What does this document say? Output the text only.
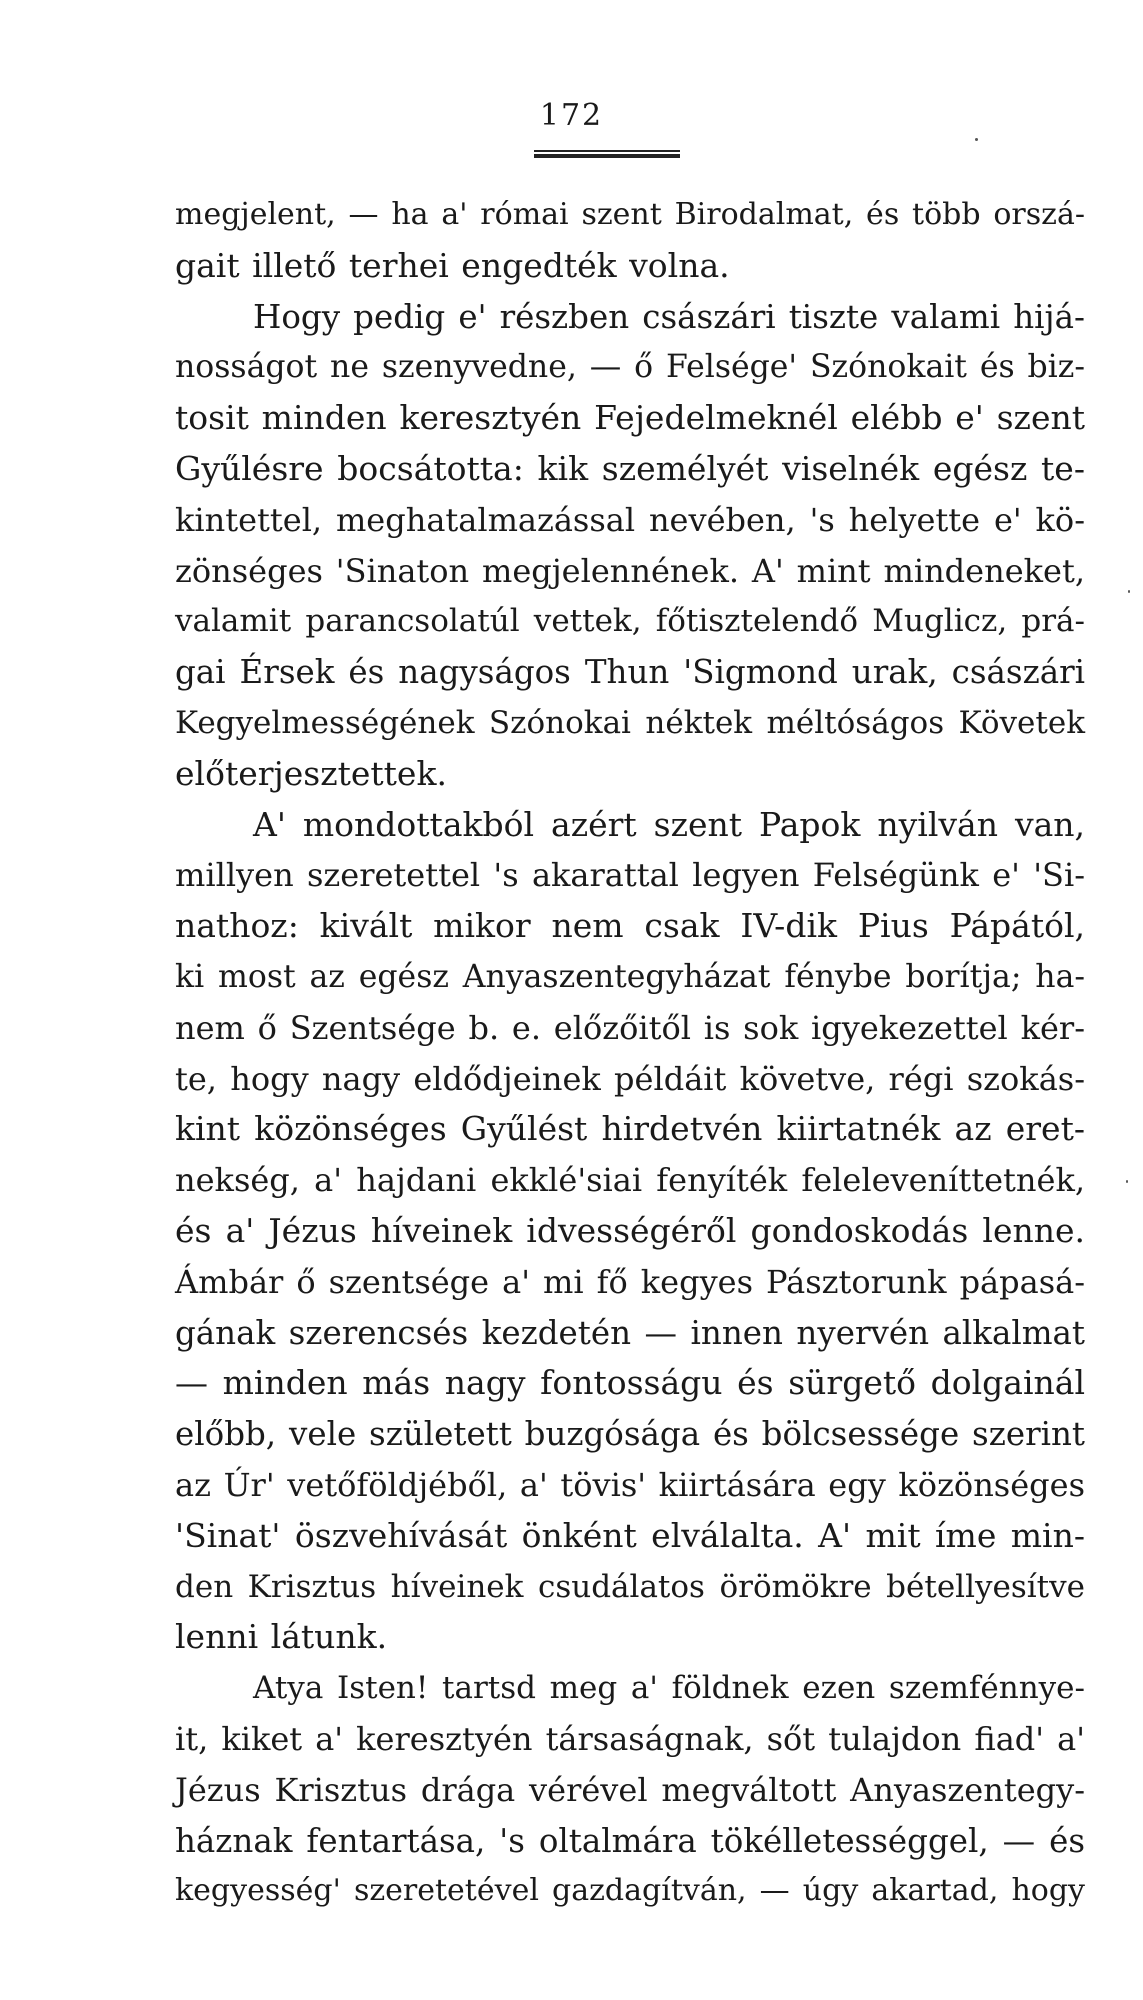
172
megjelent, — ha a' római szent Birodalmat, és több orszá-
gait illető terhei engedték volna.
Hogy pedig e' részben császári tiszte valami hijá-
nosságot ne szenyvedne, — ő Felsége' Szónokait és biz-
tosit minden keresztyén Fejedelmeknél elébb e' szent
Gyűlésre bocsátotta: kik személyét viselnék egész te-
kintettel, meghatalmazással nevében, 's helyette e' kö-
zönséges 'Sinaton megjelennének. A' mint mindeneket,
valamit parancsolatúl vettek, főtisztelendő Muglicz, prá-
gai Érsek és nagyságos Thun 'Sigmond urak, császári
Kegyelmességének Szónokai néktek méltóságos Követek
előterjesztettek.
A' mondottakból azért szent Papok nyilván van,
millyen szeretettel 's akarattal legyen Felségünk e' 'Si-
nathoz: kivált mikor nem csak IV-dik Pius Pápától,
ki most az egész Anyaszentegyházat fénybe borítja; ha-
nem ő Szentsége b. e. előzőitől is sok igyekezettel kér-
te, hogy nagy eldődjeinek példáit követve, régi szokás-
kint közönséges Gyűlést hirdetvén kiirtatnék az eret-
nekség, a' hajdani ekklé'siai fenyíték feleleveníttetnék,
és a' Jézus híveinek idvességéről gondoskodás lenne.
Ámbár ő szentsége a' mi fő kegyes Pásztorunk pápasá-
gának szerencsés kezdetén — innen nyervén alkalmat
— minden más nagy fontosságu és sürgető dolgainál
előbb, vele született buzgósága és bölcsessége szerint
az Úr' vetőföldjéből, a' tövis' kiirtására egy közönséges
'Sinat' öszvehívását önként elválalta. A' mit íme min-
den Krisztus híveinek csudálatos örömökre bétellyesítve
lenni látunk.
Atya Isten! tartsd meg a' földnek ezen szemfénnye-
it, kiket a' keresztyén társaságnak, sőt tulajdon fiad' a'
Jézus Krisztus drága vérével megváltott Anyaszentegy-
háznak fentartása, 's oltalmára tökélletességgel, — és
kegyesség' szeretetével gazdagítván, — úgy akartad, hogy
